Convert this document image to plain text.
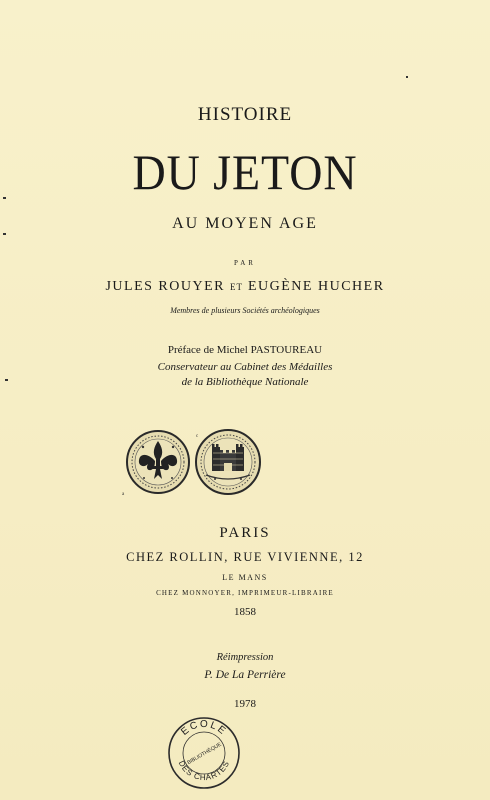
HISTOIRE
DU JETON
AU MOYEN AGE
PAR
JULES ROUYER ET EUGÈNE HUCHER
Membres de plusieurs Sociétés archéologiques
Préface de Michel PASTOUREAU
Conservateur au Cabinet des Médailles
de la Bibliothèque Nationale
a
c
PARIS
CHEZ ROLLIN, RUE VIVIENNE, 12
LE MANS
CHEZ MONNOYER, IMPRIMEUR-LIBRAIRE
1858
Réimpression
P. De La Perrière
1978
ECOLE
DES CHARTES
BIBLIOTHÈQUE
